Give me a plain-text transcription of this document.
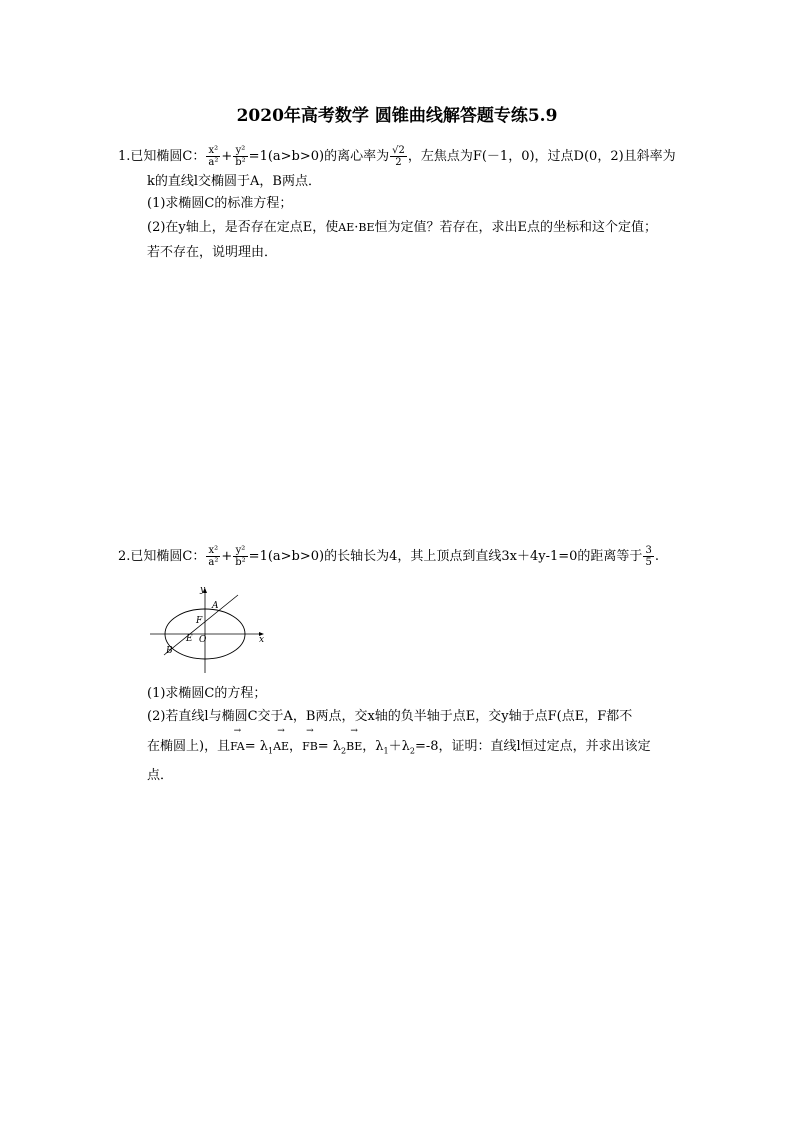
2020年高考数学 圆锥曲线解答题专练5.9
1.已知椭圆C： $\frac{\text{x²}}{\text{a²}} + \frac{\text{y²}}{\text{b²}} =1(a>b>0)$的离心率为 $\frac{√2}{2}$ ，左焦点为F(－1，0)，过点D(0，2)且斜率为
k的直线l交椭圆于A，B两点．
(1)求椭圆C的标准方程；
(2)在y轴上，是否存在定点E，使→ AE·→ BE恒为定值？若存在，求出E点的坐标和这个定值；
若不存在，说明理由．
2.已知椭圆C： $\frac{\text{x²}}{\text{a²}} + \frac{\text{y²}}{\text{b²}} =1(a>b>0)$的长轴长为4，其上顶点到直线3x＋4y-1=0的距离等于 $\frac{3}{5}$ .
y
x
A
F
E O
B
(1)求椭圆C的方程；
(2)若直线l与椭圆C交于A，B两点，交x轴的负半轴于点E，交y轴于点F(点E，F都不
在椭圆上)，且→ $FA= \lambda_1\to$ AE，→ $FB= \lambda_2\to$ BE，$\lambda_1+\lambda_2=-8$，证明：直线l恒过定点，并求出该定
点．
